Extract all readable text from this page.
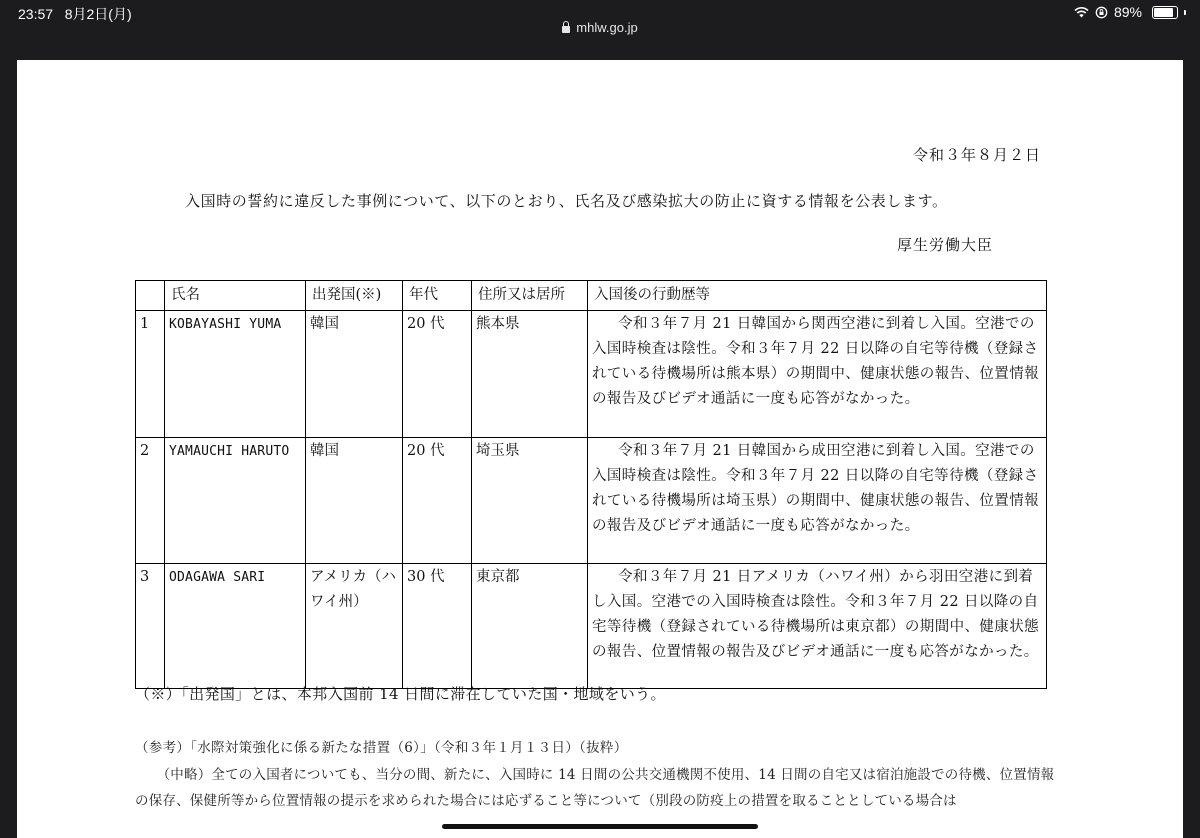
23:57 8月2日(月)	89%
mhlw.go.jp
令和３年８月２日
入国時の誓約に違反した事例について、以下のとおり、氏名及び感染拡大の防止に資する情報を公表します。
厚生労働大臣
	氏名	出発国(※)	年代	住所又は居所	入国後の行動歴等
1	KOBAYASHI YUMA	韓国	20 代	熊本県	令和３年７月 21 日韓国から関西空港に到着し入国。空港での入国時検査は陰性。令和３年７月 22 日以降の自宅等待機（登録されている待機場所は熊本県）の期間中、健康状態の報告、位置情報の報告及びビデオ通話に一度も応答がなかった。

2	YAMAUCHI HARUTO	韓国	20 代	埼玉県	令和３年７月 21 日韓国から成田空港に到着し入国。空港での入国時検査は陰性。令和３年７月 22 日以降の自宅等待機（登録されている待機場所は埼玉県）の期間中、健康状態の報告、位置情報の報告及びビデオ通話に一度も応答がなかった。

3	ODAGAWA SARI	アメリカ（ハワイ州）	30 代	東京都	令和３年７月 21 日アメリカ（ハワイ州）から羽田空港に到着し入国。空港での入国時検査は陰性。令和３年７月 22 日以降の自宅等待機（登録されている待機場所は東京都）の期間中、健康状態の報告、位置情報の報告及びビデオ通話に一度も応答がなかった。
（※）「出発国」とは、本邦入国前 14 日間に滞在していた国・地域をいう。
（参考）「水際対策強化に係る新たな措置（6）」（令和３年１月１３日）（抜粋）
（中略）全ての入国者についても、当分の間、新たに、入国時に 14 日間の公共交通機関不使用、14 日間の自宅又は宿泊施設での待機、位置情報の保存、保健所等から位置情報の提示を求められた場合には応ずること等について（別段の防疫上の措置を取ることとしている場合は
